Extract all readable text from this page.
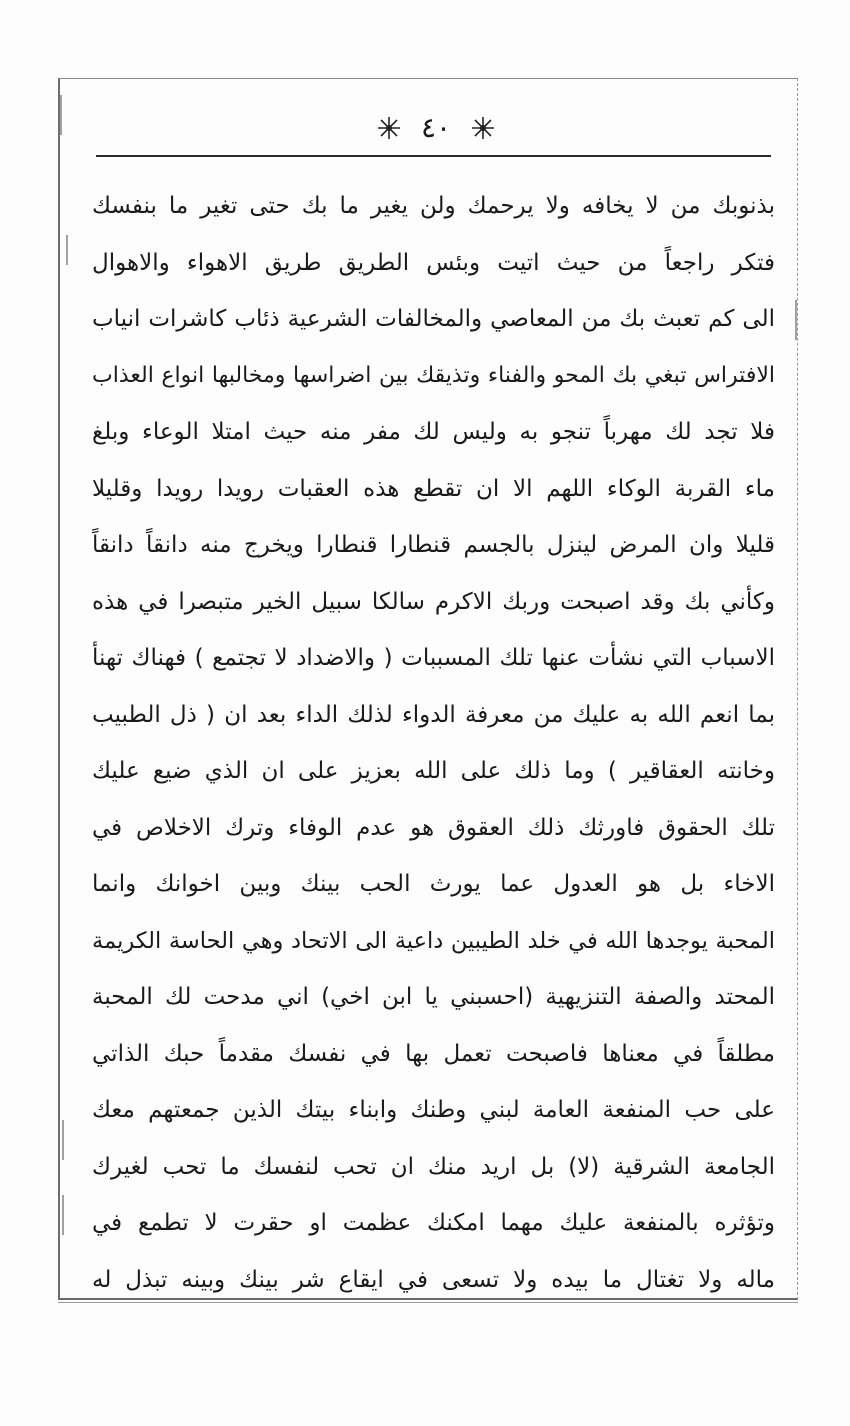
٤٠
بذنوبك من لا يخافه ولا يرحمك ولن يغير ما بك حتى تغير ما بنفسك
فتكر راجعاً من حيث اتيت وبئس الطريق طريق الاهواء والاهوال
الى كم تعبث بك من المعاصي والمخالفات الشرعية ذئاب كاشرات انياب
الافتراس تبغي بك المحو والفناء وتذيقك بين اضراسها ومخالبها انواع العذاب
فلا تجد لك مهرباً تنجو به وليس لك مفر منه حيث امتلا الوعاء وبلغ
ماء القربة الوكاء اللهم الا ان تقطع هذه العقبات رويدا رويدا وقليلا
قليلا وان المرض لينزل بالجسم قنطارا قنطارا ويخرج منه دانقاً دانقاً
وكأني بك وقد اصبحت وربك الاكرم سالكا سبيل الخير متبصرا في هذه
الاسباب التي نشأت عنها تلك المسببات ( والاضداد لا تجتمع ) فهناك تهنأ
بما انعم الله به عليك من معرفة الدواء لذلك الداء بعد ان ( ذل الطبيب
وخانته العقاقير ) وما ذلك على الله بعزيز على ان الذي ضيع عليك
تلك الحقوق فاورثك ذلك العقوق هو عدم الوفاء وترك الاخلاص في
الاخاء بل هو العدول عما يورث الحب بينك وبين اخوانك وانما
المحبة يوجدها الله في خلد الطيبين داعية الى الاتحاد وهي الحاسة الكريمة
المحتد والصفة التنزيهية (احسبني يا ابن اخي) اني مدحت لك المحبة
مطلقاً في معناها فاصبحت تعمل بها في نفسك مقدماً حبك الذاتي
على حب المنفعة العامة لبني وطنك وابناء بيتك الذين جمعتهم معك
الجامعة الشرقية (لا) بل اريد منك ان تحب لنفسك ما تحب لغيرك
وتؤثره بالمنفعة عليك مهما امكنك عظمت او حقرت لا تطمع في
ماله ولا تغتال ما بيده ولا تسعى في ايقاع شر بينك وبينه تبذل له
